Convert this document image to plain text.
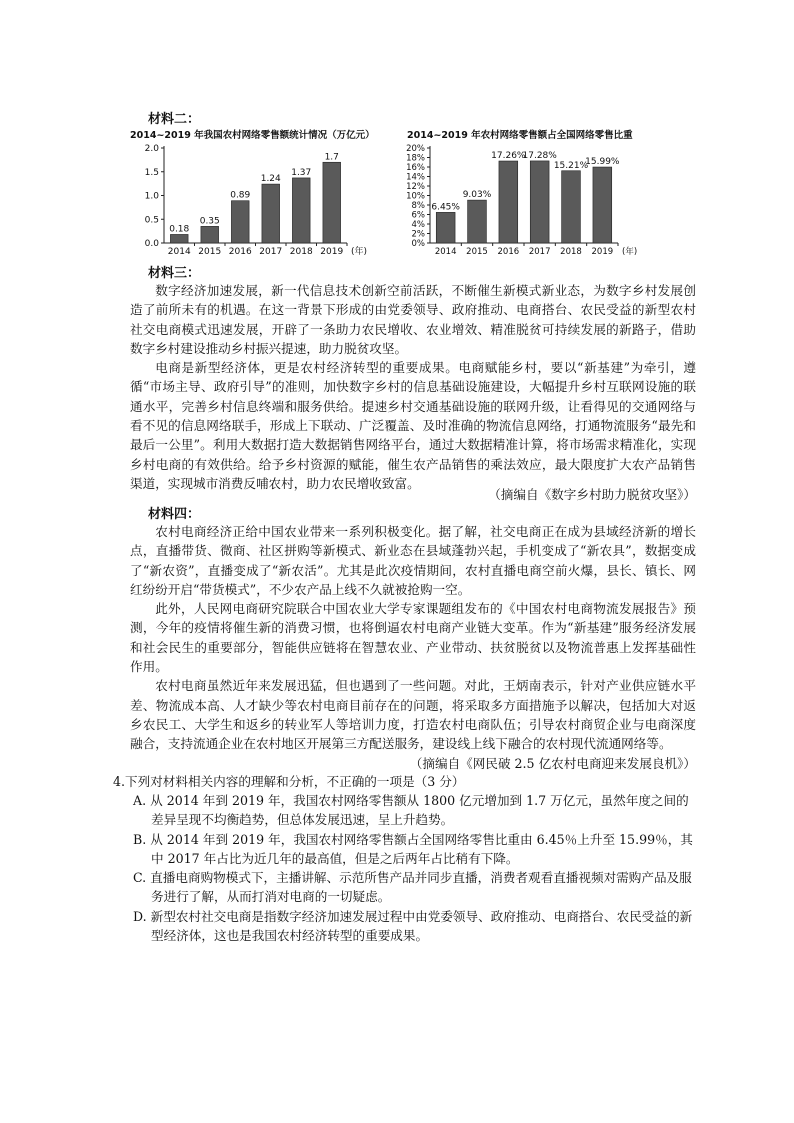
材料二：
2014~2019 年我国农村网络零售额统计情况（万亿元）	2014~2019 年农村网络零售额占全国网络零售比重
0.0
0.5
1.0
1.5
2.0
0.18
2014
0.35
2015
0.89
2016
1.24
2017
1.37
2018
1.7
2019 (年)
0%
2%
4%
6%
8%
10%
12%
14%
16%
18%
20%
6.45%
2014
9.03%
2015
17.26%
2016
17.28%
2017
15.21%
2018
15.99%
2019 (年)
材料三：

数字经济加速发展，新一代信息技术创新空前活跃，不断催生新模式新业态，为数字乡村发展创造了前所未有的机遇。在这一背景下形成的由党委领导、政府推动、电商搭台、农民受益的新型农村社交电商模式迅速发展，开辟了一条助力农民增收、农业增效、精准脱贫可持续发展的新路子，借助数字乡村建设推动乡村振兴提速，助力脱贫攻坚。

电商是新型经济体，更是农村经济转型的重要成果。电商赋能乡村，要以“新基建”为牵引，遵循“市场主导、政府引导”的准则，加快数字乡村的信息基础设施建设，大幅提升乡村互联网设施的联通水平，完善乡村信息终端和服务供给。提速乡村交通基础设施的联网升级，让看得见的交通网络与看不见的信息网络联手，形成上下联动、广泛覆盖、及时准确的物流信息网络，打通物流服务“最先和最后一公里”。利用大数据打造大数据销售网络平台，通过大数据精准计算，将市场需求精准化，实现乡村电商的有效供给。给予乡村资源的赋能，催生农产品销售的乘法效应，最大限度扩大农产品销售渠道，实现城市消费反哺农村，助力农民增收致富。

（摘编自《数字乡村助力脱贫攻坚》）
材料四：

农村电商经济正给中国农业带来一系列积极变化。据了解，社交电商正在成为县域经济新的增长点，直播带货、微商、社区拼购等新模式、新业态在县域蓬勃兴起，手机变成了“新农具”，数据变成了“新农资”，直播变成了“新农活”。尤其是此次疫情期间，农村直播电商空前火爆，县长、镇长、网红纷纷开启“带货模式”，不少农产品上线不久就被抢购一空。

此外，人民网电商研究院联合中国农业大学专家课题组发布的《中国农村电商物流发展报告》预测，今年的疫情将催生新的消费习惯，也将倒逼农村电商产业链大变革。作为“新基建”服务经济发展和社会民生的重要部分，智能供应链将在智慧农业、产业带动、扶贫脱贫以及物流普惠上发挥基础性作用。

农村电商虽然近年来发展迅猛，但也遇到了一些问题。对此，王炳南表示，针对产业供应链水平差、物流成本高、人才缺少等农村电商目前存在的问题，将采取多方面措施予以解决，包括加大对返乡农民工、大学生和返乡的转业军人等培训力度，打造农村电商队伍；引导农村商贸企业与电商深度融合，支持流通企业在农村地区开展第三方配送服务，建设线上线下融合的农村现代流通网络等。

（摘编自《网民破 2.5 亿农村电商迎来发展良机》）
4.下列对材料相关内容的理解和分析，不正确的一项是（3 分）
A. 从 2014 年到 2019 年，我国农村网络零售额从 1800 亿元增加到 1.7 万亿元，虽然年度之间的差异呈现不均衡趋势，但总体发展迅速，呈上升趋势。
B. 从 2014 年到 2019 年，我国农村网络零售额占全国网络零售比重由 6.45％上升至 15.99％，其中 2017 年占比为近几年的最高值，但是之后两年占比稍有下降。
C. 直播电商购物模式下，主播讲解、示范所售产品并同步直播，消费者观看直播视频对需购产品及服务进行了解，从而打消对电商的一切疑虑。
D. 新型农村社交电商是指数字经济加速发展过程中由党委领导、政府推动、电商搭台、农民受益的新型经济体，这也是我国农村经济转型的重要成果。
